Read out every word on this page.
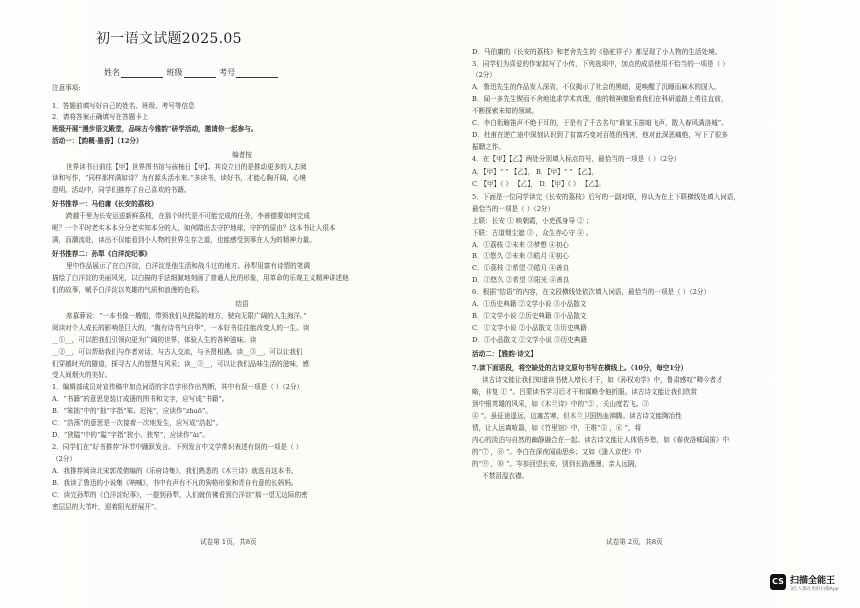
初一语文试题2025.05
姓名	班级	考号
注意事项:
1．答题前填写好自己的姓名、班级、考号等信息
2．请将答案正确填写在答题卡上
班级开展“漫步语文殿堂，品味古今雅韵”研学活动，邀请你一起参与。
活动一：【韵概·墨香】（12分）
编者按
世界读书日前往【甲】世界图书馆与孩柚日【甲】。其设立目的是推动更多的人去阅
读和写作，“同样那样满如诗？为有源头活水来。”多读书，读好书，才能心胸开阔，心境
澄明。活动中，同学们推荐了自己喜欢的书籍。
好书推荐一：马伯庸《长安的荔枝》
跨越千里为长安运送新鲜荔枝，在那个时代是不可能完成的任务，李善德要如何完成
呢？一个平时老实本本分分老实知本分的人，如何踏出去守护地球，守护的原由？这本书让人很本
满，而潮流赴，读出不仅能看到小人物的世界生存之道，也能感受到事在人为的精神力量。
好书推荐二：孙犁《白洋淀纪事》
里中作品展示了在白洋淀，白洋淀是他生活和战斗过的地方。孙犁用富有诗情的笔调
描绘了白洋淀的美丽风光，以白描的手法细腻地刻画了普通人民的形象，用革命的乐观主义精神讲述他
们的故事，赋予白洋淀以英雄的气质和浪漫的色彩。
结语
席慕蓉说：“一本书像一艘船，带领我们从狭隘的地方，驶向无限广阔的人生海洋。”
阅读对个人成长的影响是巨大的，“腹有诗书气自华”，一本好书往往能改变人的一生。读
__①__，可以把我们引领向更为广阔的世界，体验人生的各种滋味。读
__②__，可以帮助我们与作者对话，与古人交流，与圣贤相遇。读__③__，可以让我们
们穿越时光的隧道，探寻古人的智慧与风采；读__③__，可以让我们品味生活的滋味，感
受人间烟火的美好。
1．编辑部成员对宣传稿中加点词语的字音字形作出判断，其中有误一项是（ ）（2分）
A．“书籍”的意思是装订成册的图书和文字，应写成“书籍”。
B．“笨拙”中的“拙”字指“笨、迟钝”，应读作“zhuō”。
C．“浩荡”的意思是一次接着一次地发生，应写成“浩起”。
D．“狭隘”中的“隘”字指“狭小、狭窄”，应读作“ài”。
2．同学们在“好书推荐”环节中踊跃发言。下列发言中文学常识表述有误的一项是（ ）
（2分）
A．我推荐阅读北宋郭茂倩编的《乐府诗集》，我们熟悉的《木兰诗》就选自这本书。
B．我读了鲁迅的小说集《呐喊》，书中有声有不凡的狗格形象和青自有意的长妈妈。
C．读完孙犁的《白洋淀纪事》，一提到孙犁，人们就仿佛看到白洋淀“那一望无边际的密
密层层的大苇叶，迎着阳光舒展开”。
D．马伯庸的《长安的荔枝》和老舍先生的《骆驼祥子》都呈现了小人物的生活处境。
3．同学们为喜爱的作家拟写了小传，下列选项中，加点的成语使用不恰当的一项是（ ）
（2分）
A．鲁迅先生的作品发人深省，不仅揭示了社会的黑暗，更唤醒了沉睡而麻木的国人。
B．闻一多先生锲而不舍地追求学术真理，他的精神激励着我们在科研道路上勇往直前，
不断探索未知的领域。
C．李白衔觞笛声不绝于耳的，于是有了千古名句“谁家玉笛暗飞声，散入春风满洛城”。
D．杜甫在逆亡途中深刻认识到了贫富巧变对百姓的残害，他对此深恶痛绝，写下了很多
振聩之作。
4．在【甲】【乙】两处分别填入标点符号，最恰当的一项是（ ）（2分）
A．【甲】“ ” 【乙】， B．【甲】“ ” 【乙】，
C．【甲】《 》 【乙】， D．【甲】《 》 【乙】。
5．下面是一位同学读完《长安的荔枝》后写的一副对联，你认为在上下联横线处填入词语，
最恰当的一项是（ ）（2分）
上联：长安 ① 映朝霞，小吏孤身导 ② ；
下联：古道烟尘遮 ③ ，众生赤心守 ④ 。
A．①荔枝 ②未来 ③梦想 ④初心
B．①悠久 ②未来 ③皓月 ④初心
C．①荔枝 ②希望 ③皓月 ④善良
D．①悠久 ②希望 ③阳光 ④善良
6．根据“结语”的内容，在文段横线处依次填入词语，最恰当的一项是（ ）（2分）
A．①历史典籍 ②文学小说 ③小品散文
B．①文学小说 ②历史典籍 ③小品散文
C．①文学小说 ②小品散文 ③历史典籍
D．①小品散文 ②文学小说 ③历史典籍
活动二：【雅韵·诗文】
7.读下面语段，将空缺处的古诗文原句书写在横线上。（10分，每空1分）
读古诗文能让我们知道读书使人增长才干，如《孙权劝学》中，鲁肃感叹“卿今者才
略，非复 ① ”。吕蒙读书学习后才干和谋略令他折服。读古诗文能让我们欣赏
到中银英雄的风采，如《木兰诗》中的“② ，关山度若飞。③
④ ”。虽征途遥远，边塞苦寒，但木兰卫国热血沸腾。读古诗文能陶冶性
情，让人远离喧嚣，如《竹里馆》中，王维“⑤ ，⑥ ”，将
内心的淡泊与自然的幽静融合在一起。读古诗文能让人体悟乡愁，如《春夜洛城闻笛》中
的“⑦ ，⑧ ”。李白在深夜闻曲思乡；又如《逢入京使》中
的“⑨ ，⑩ ”。岑参回望长安，别到长路漫漫、亲人远隔，
不禁泪湿衣襟。
试卷第 1页，共8页	试卷第 2页，共8页
CS 扫描全能王
3亿人都在用的扫描App
